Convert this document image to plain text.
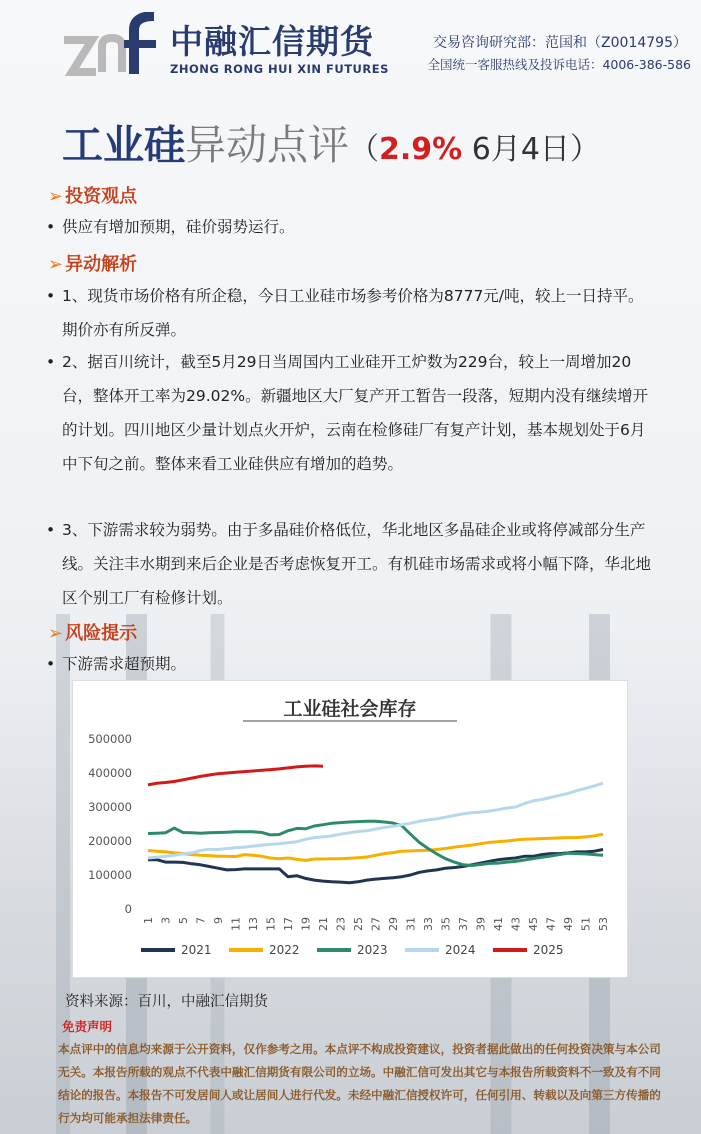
中融汇信期货
ZHONG RONG HUI XIN FUTURES
交易咨询研究部：范国和（Z0014795）
全国统一客服热线及投诉电话：4006-386-586
工业硅异动点评（2.9% 6月4日）
➢ 投资观点
• 供应有增加预期，硅价弱势运行。
➢ 异动解析
• 1、现货市场价格有所企稳，今日工业硅市场参考价格为8777元/吨，较上一日持平。期价亦有所反弹。
• 2、据百川统计，截至5月29日当周国内工业硅开工炉数为229台，较上一周增加20台，整体开工率为29.02%。新疆地区大厂复产开工暂告一段落，短期内没有继续增开的计划。四川地区少量计划点火开炉，云南在检修硅厂有复产计划，基本规划处于6月中下旬之前。整体来看工业硅供应有增加的趋势。
• 3、下游需求较为弱势。由于多晶硅价格低位，华北地区多晶硅企业或将停减部分生产线。关注丰水期到来后企业是否考虑恢复开工。有机硅市场需求或将小幅下降，华北地区个别工厂有检修计划。
➢ 风险提示
• 下游需求超预期。
工业硅社会库存
0
100000
200000
300000
400000
500000
1 3 5 7 9 11 13 15 17 19 21 23 25 27 29 31 33 35 37 39 41 43 45 47 49 51 53
2021	2022	2023	2024	2025
资料来源：百川，中融汇信期货
免责声明
本点评中的信息均来源于公开资料，仅作参考之用。本点评不构成投资建议，投资者据此做出的任何投资决策与本公司无关。本报告所载的观点不代表中融汇信期货有限公司的立场。中融汇信可发出其它与本报告所载资料不一致及有不同结论的报告。本报告不可发居间人或让居间人进行代发。未经中融汇信授权许可，任何引用、转载以及向第三方传播的行为均可能承担法律责任。
